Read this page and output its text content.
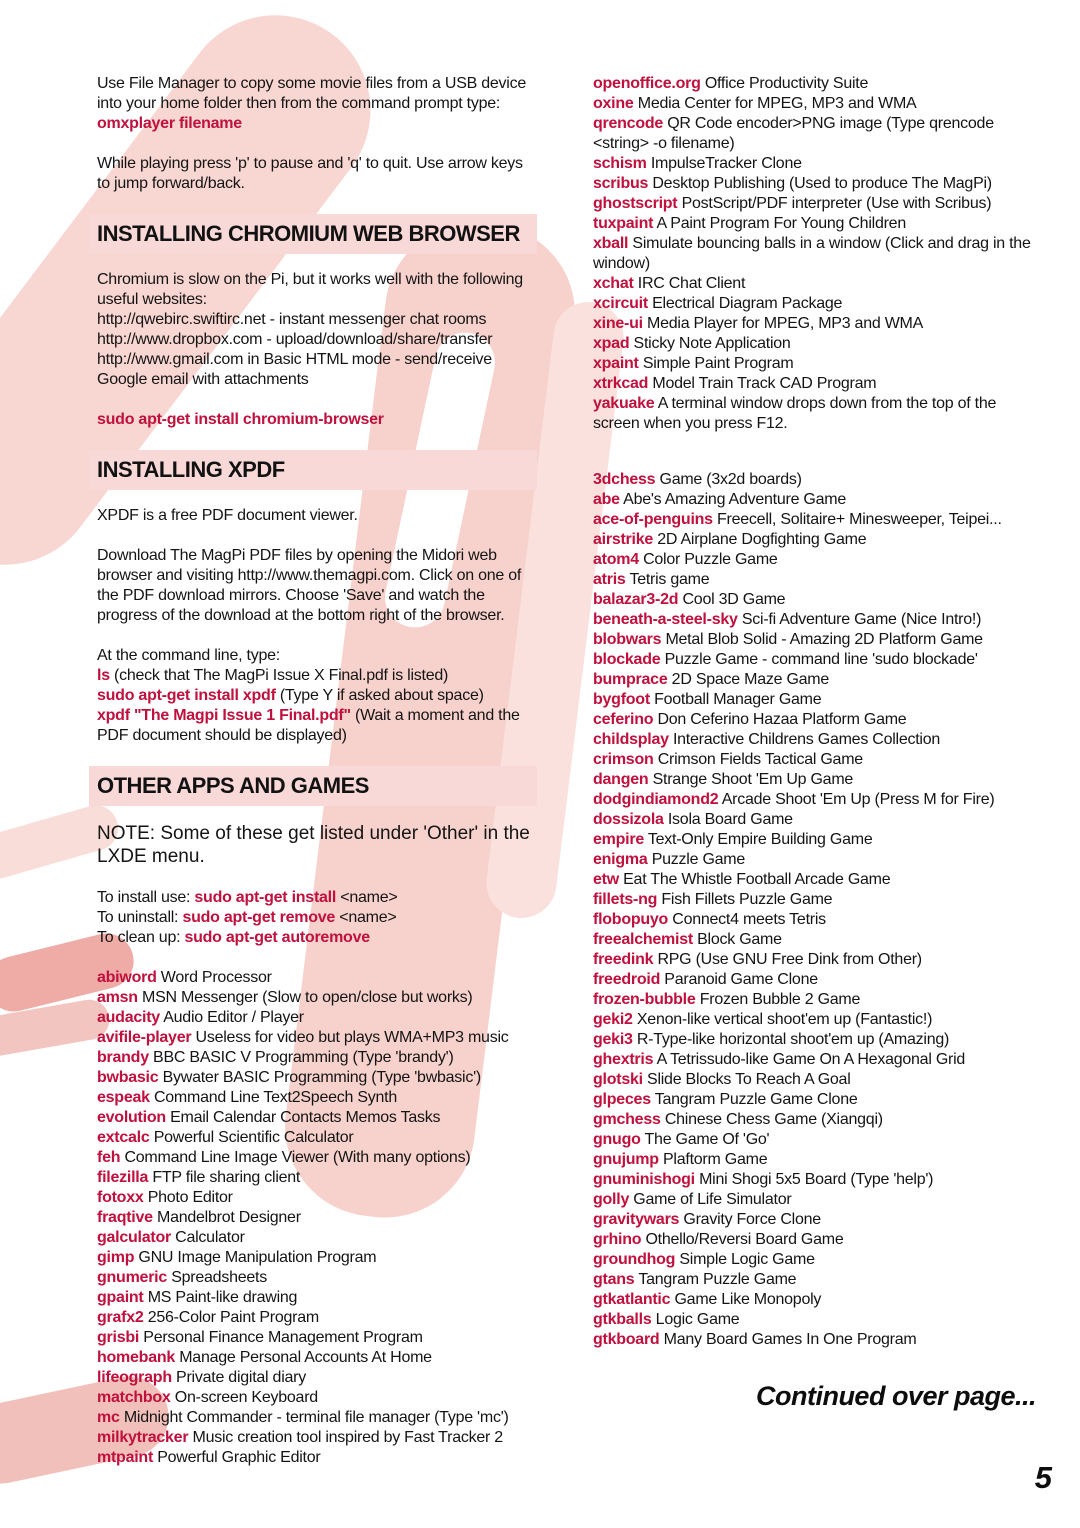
Use File Manager to copy some movie files from a USB device into your home folder then from the command prompt type:

omxplayer filename

While playing press 'p' to pause and 'q' to quit. Use arrow keys to jump forward/back.

INSTALLING CHROMIUM WEB BROWSER

Chromium is slow on the Pi, but it works well with the following useful websites:

http://qwebirc.swiftirc.net - instant messenger chat rooms

http://www.dropbox.com - upload/download/share/transfer

http://www.gmail.com in Basic HTML mode - send/receive Google email with attachments

sudo apt-get install chromium-browser

INSTALLING XPDF

XPDF is a free PDF document viewer.

Download The MagPi PDF files by opening the Midori web browser and visiting http://www.themagpi.com. Click on one of the PDF download mirrors. Choose 'Save' and watch the progress of the download at the bottom right of the browser.

At the command line, type:

ls (check that The MagPi Issue X Final.pdf is listed)

sudo apt-get install xpdf (Type Y if asked about space)

xpdf "The Magpi Issue 1 Final.pdf" (Wait a moment and the PDF document should be displayed)

OTHER APPS AND GAMES

NOTE: Some of these get listed under 'Other' in the LXDE menu.

To install use: sudo apt-get install <name>
To uninstall: sudo apt-get remove <name>
To clean up: sudo apt-get autoremove
abiword Word Processor
amsn MSN Messenger (Slow to open/close but works)
audacity Audio Editor / Player
avifile-player Useless for video but plays WMA+MP3 music
brandy BBC BASIC V Programming (Type 'brandy')
bwbasic Bywater BASIC Programming (Type 'bwbasic')
espeak Command Line Text2Speech Synth
evolution Email Calendar Contacts Memos Tasks
extcalc Powerful Scientific Calculator
feh Command Line Image Viewer (With many options)
filezilla FTP file sharing client
fotoxx Photo Editor
fraqtive Mandelbrot Designer
galculator Calculator
gimp GNU Image Manipulation Program
gnumeric Spreadsheets
gpaint MS Paint-like drawing
grafx2 256-Color Paint Program
grisbi Personal Finance Management Program
homebank Manage Personal Accounts At Home
lifeograph Private digital diary
matchbox On-screen Keyboard
mc Midnight Commander - terminal file manager (Type 'mc')
milkytracker Music creation tool inspired by Fast Tracker 2
mtpaint Powerful Graphic Editor
openoffice.org Office Productivity Suite
oxine Media Center for MPEG, MP3 and WMA
qrencode QR Code encoder>PNG image (Type qrencode <string> -o filename)
schism ImpulseTracker Clone
scribus Desktop Publishing (Used to produce The MagPi)
ghostscript PostScript/PDF interpreter (Use with Scribus)
tuxpaint A Paint Program For Young Children
xball Simulate bouncing balls in a window (Click and drag in the window)
xchat IRC Chat Client
xcircuit Electrical Diagram Package
xine-ui Media Player for MPEG, MP3 and WMA
xpad Sticky Note Application
xpaint Simple Paint Program
xtrkcad Model Train Track CAD Program
yakuake A terminal window drops down from the top of the screen when you press F12.
3dchess Game (3x2d boards)
abe Abe's Amazing Adventure Game
ace-of-penguins Freecell, Solitaire+ Minesweeper, Teipei...
airstrike 2D Airplane Dogfighting Game
atom4 Color Puzzle Game
atris Tetris game
balazar3-2d Cool 3D Game
beneath-a-steel-sky Sci-fi Adventure Game (Nice Intro!)
blobwars Metal Blob Solid - Amazing 2D Platform Game
blockade Puzzle Game - command line 'sudo blockade'
bumprace 2D Space Maze Game
bygfoot Football Manager Game
ceferino Don Ceferino Hazaa Platform Game
childsplay Interactive Childrens Games Collection
crimson Crimson Fields Tactical Game
dangen Strange Shoot 'Em Up Game
dodgindiamond2 Arcade Shoot 'Em Up (Press M for Fire)
dossizola Isola Board Game
empire Text-Only Empire Building Game
enigma Puzzle Game
etw Eat The Whistle Football Arcade Game
fillets-ng Fish Fillets Puzzle Game
flobopuyo Connect4 meets Tetris
freealchemist Block Game
freedink RPG (Use GNU Free Dink from Other)
freedroid Paranoid Game Clone
frozen-bubble Frozen Bubble 2 Game
geki2 Xenon-like vertical shoot'em up (Fantastic!)
geki3 R-Type-like horizontal shoot'em up (Amazing)
ghextris A Tetrissudo-like Game On A Hexagonal Grid
glotski Slide Blocks To Reach A Goal
glpeces Tangram Puzzle Game Clone
gmchess Chinese Chess Game (Xiangqi)
gnugo The Game Of 'Go'
gnujump Plaftorm Game
gnuminishogi Mini Shogi 5x5 Board (Type 'help')
golly Game of Life Simulator
gravitywars Gravity Force Clone
grhino Othello/Reversi Board Game
groundhog Simple Logic Game
gtans Tangram Puzzle Game
gtkatlantic Game Like Monopoly
gtkballs Logic Game
gtkboard Many Board Games In One Program
Continued over page...
5
